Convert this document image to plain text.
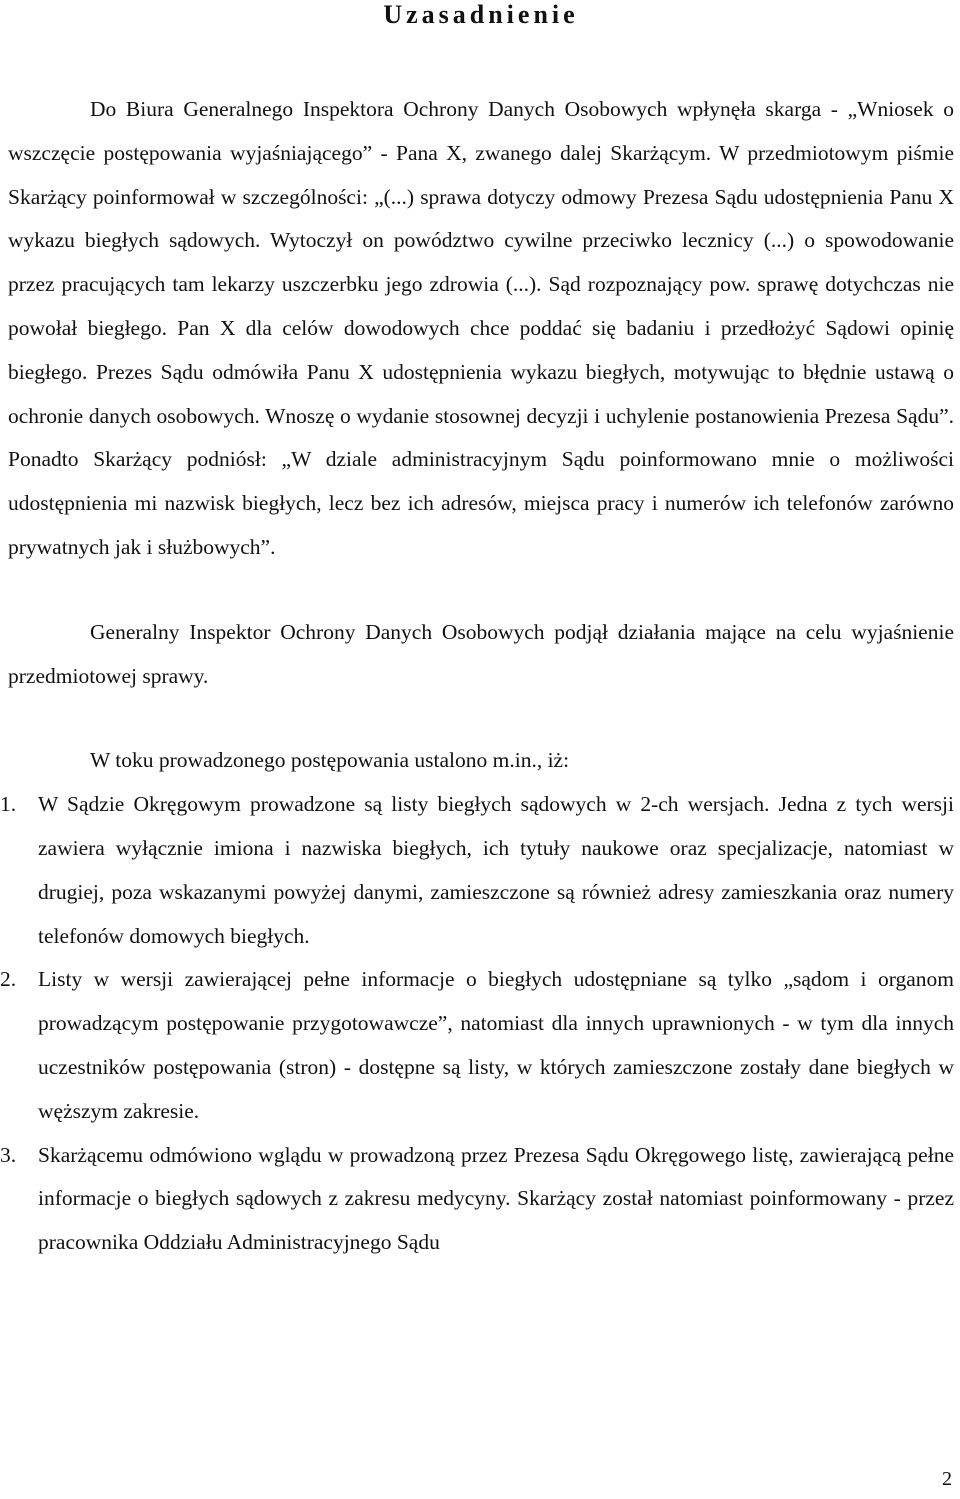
Uzasadnienie

Do Biura Generalnego Inspektora Ochrony Danych Osobowych wpłynęła skarga - „Wniosek o wszczęcie postępowania wyjaśniającego” - Pana X, zwanego dalej Skarżącym. W przedmiotowym piśmie Skarżący poinformował w szczególności: „(...) sprawa dotyczy odmowy Prezesa Sądu udostępnienia Panu X wykazu biegłych sądowych. Wytoczył on powództwo cywilne przeciwko lecznicy (...) o spowodowanie przez pracujących tam lekarzy uszczerbku jego zdrowia (...). Sąd rozpoznający pow. sprawę dotychczas nie powołał biegłego. Pan X dla celów dowodowych chce poddać się badaniu i przedłożyć Sądowi opinię biegłego. Prezes Sądu odmówiła Panu X udostępnienia wykazu biegłych, motywując to błędnie ustawą o ochronie danych osobowych. Wnoszę o wydanie stosownej decyzji i uchylenie postanowienia Prezesa Sądu”. Ponadto Skarżący podniósł: „W dziale administracyjnym Sądu poinformowano mnie o możliwości udostępnienia mi nazwisk biegłych, lecz bez ich adresów, miejsca pracy i numerów ich telefonów zarówno prywatnych jak i służbowych”.

Generalny Inspektor Ochrony Danych Osobowych podjął działania mające na celu wyjaśnienie przedmiotowej sprawy.

W toku prowadzonego postępowania ustalono m.in., iż:

1. W Sądzie Okręgowym prowadzone są listy biegłych sądowych w 2-ch wersjach. Jedna z tych wersji zawiera wyłącznie imiona i nazwiska biegłych, ich tytuły naukowe oraz specjalizacje, natomiast w drugiej, poza wskazanymi powyżej danymi, zamieszczone są również adresy zamieszkania oraz numery telefonów domowych biegłych.
2. Listy w wersji zawierającej pełne informacje o biegłych udostępniane są tylko „sądom i organom prowadzącym postępowanie przygotowawcze”, natomiast dla innych uprawnionych - w tym dla innych uczestników postępowania (stron) - dostępne są listy, w których zamieszczone zostały dane biegłych w węższym zakresie.
3. Skarżącemu odmówiono wglądu w prowadzoną przez Prezesa Sądu Okręgowego listę, zawierającą pełne informacje o biegłych sądowych z zakresu medycyny. Skarżący został natomiast poinformowany - przez pracownika Oddziału Administracyjnego Sądu
2
